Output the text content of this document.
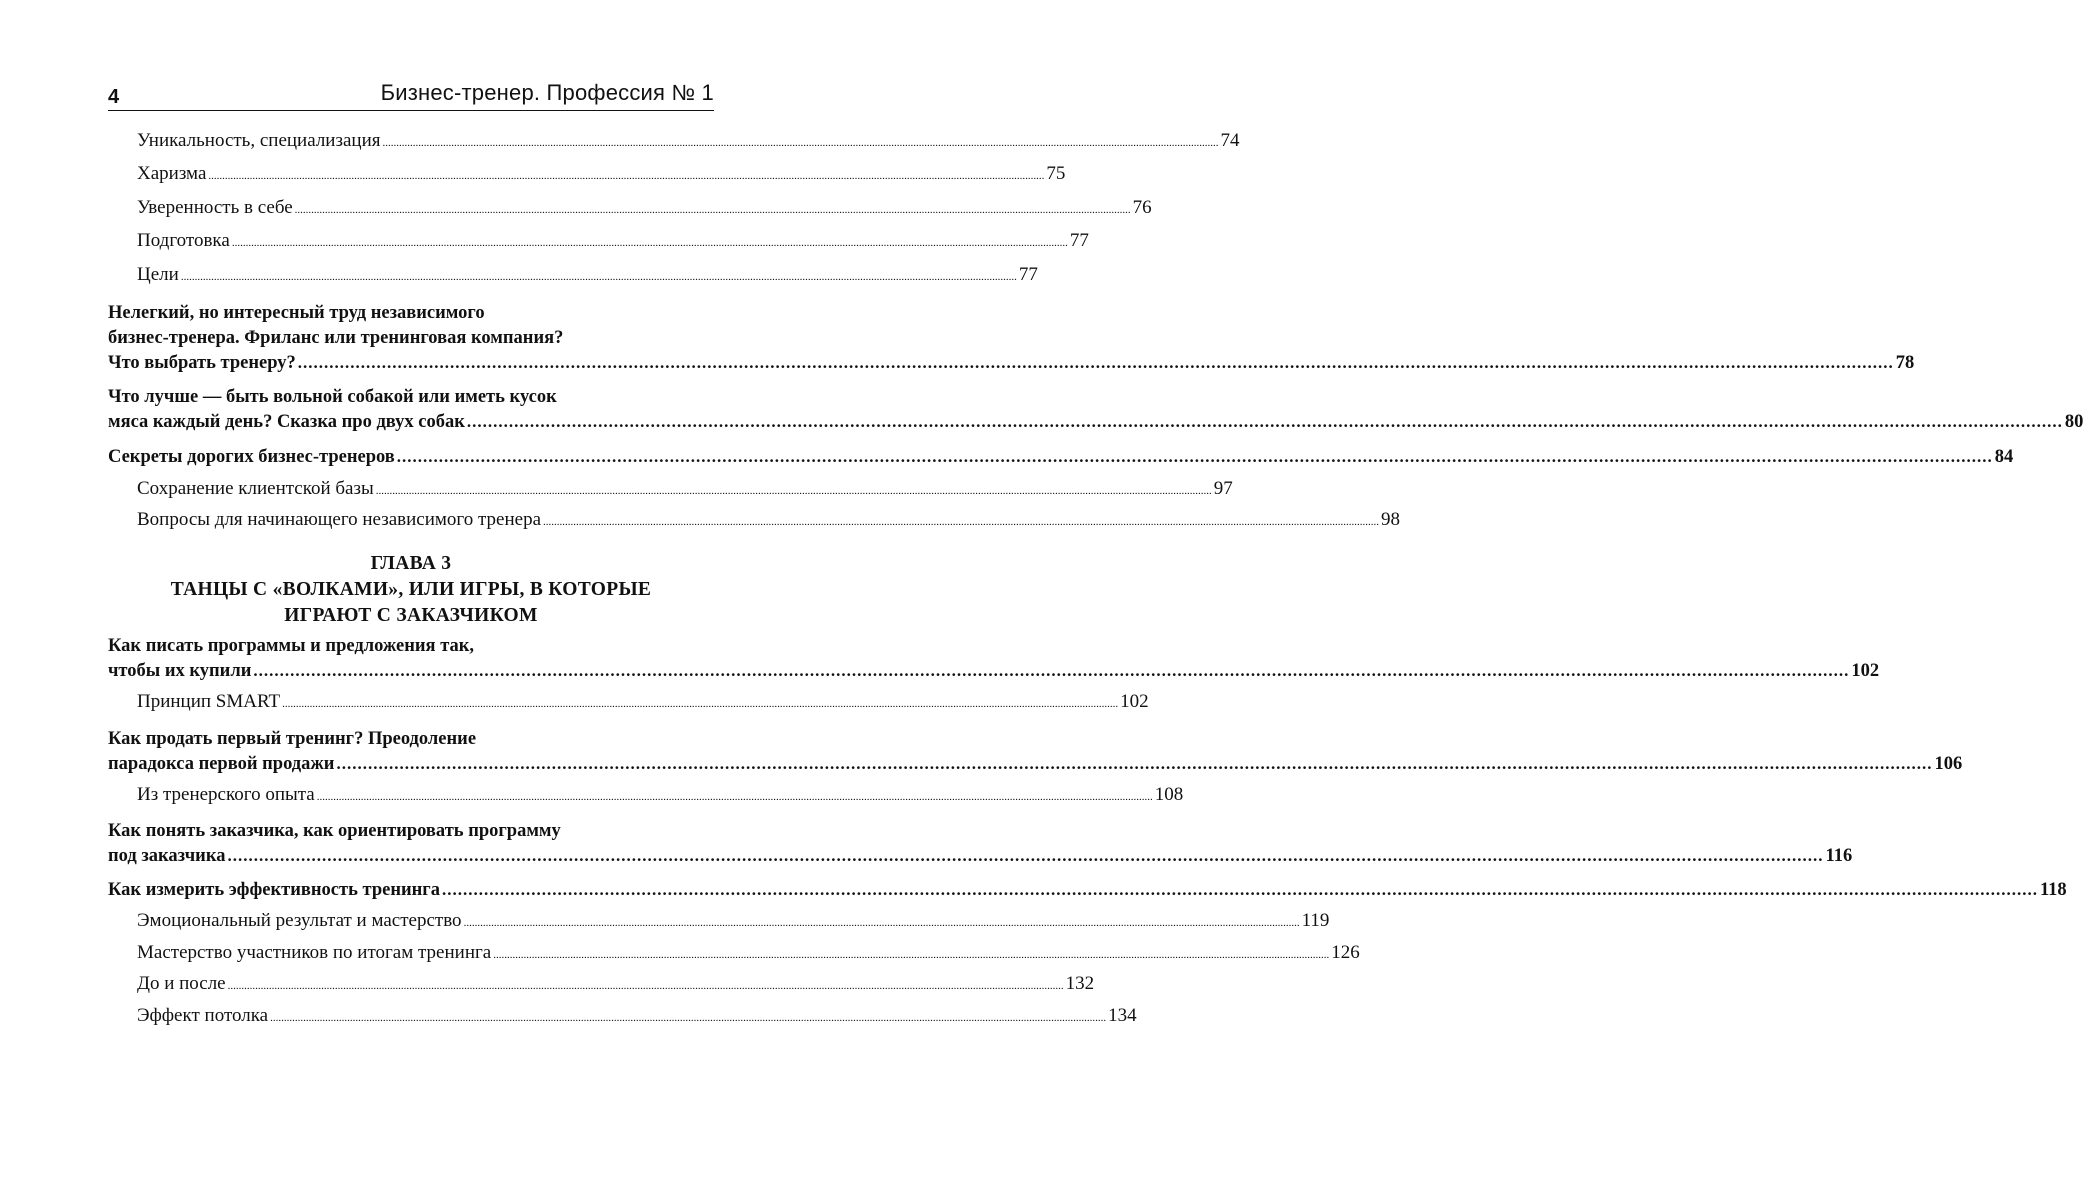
4	Бизнес-тренер. Профессия № 1
Уникальность, специализация ................................................................................................................................................................................................................................................................................................................ 74
Харизма ................................................................................................................................................................................................................................................................................................................ 75
Уверенность в себе ................................................................................................................................................................................................................................................................................................................ 76
Подготовка ................................................................................................................................................................................................................................................................................................................ 77
Цели ................................................................................................................................................................................................................................................................................................................ 77
Нелегкий, но интересный труд независимого
бизнес-тренера. Фриланс или тренинговая компания?
Что выбрать тренеру? ................................................................................................................................................................................................................................................................................................................ 78
Что лучше — быть вольной собакой или иметь кусок
мяса каждый день? Сказка про двух собак ................................................................................................................................................................................................................................................................................................................ 80
Секреты дорогих бизнес-тренеров ................................................................................................................................................................................................................................................................................................................ 84
Сохранение клиентской базы ................................................................................................................................................................................................................................................................................................................ 97
Вопросы для начинающего независимого тренера ................................................................................................................................................................................................................................................................................................................ 98
ГЛАВА 3
ТАНЦЫ С «ВОЛКАМИ», ИЛИ ИГРЫ, В КОТОРЫЕ
ИГРАЮТ С ЗАКАЗЧИКОМ
Как писать программы и предложения так,
чтобы их купили ................................................................................................................................................................................................................................................................................................................ 102
Принцип SMART ................................................................................................................................................................................................................................................................................................................ 102
Как продать первый тренинг? Преодоление
парадокса первой продажи ................................................................................................................................................................................................................................................................................................................ 106
Из тренерского опыта ................................................................................................................................................................................................................................................................................................................ 108
Как понять заказчика, как ориентировать программу
под заказчика ................................................................................................................................................................................................................................................................................................................ 116
Как измерить эффективность тренинга ................................................................................................................................................................................................................................................................................................................ 118
Эмоциональный результат и мастерство ................................................................................................................................................................................................................................................................................................................ 119
Мастерство участников по итогам тренинга ................................................................................................................................................................................................................................................................................................................ 126
До и после ................................................................................................................................................................................................................................................................................................................ 132
Эффект потолка ................................................................................................................................................................................................................................................................................................................ 134
